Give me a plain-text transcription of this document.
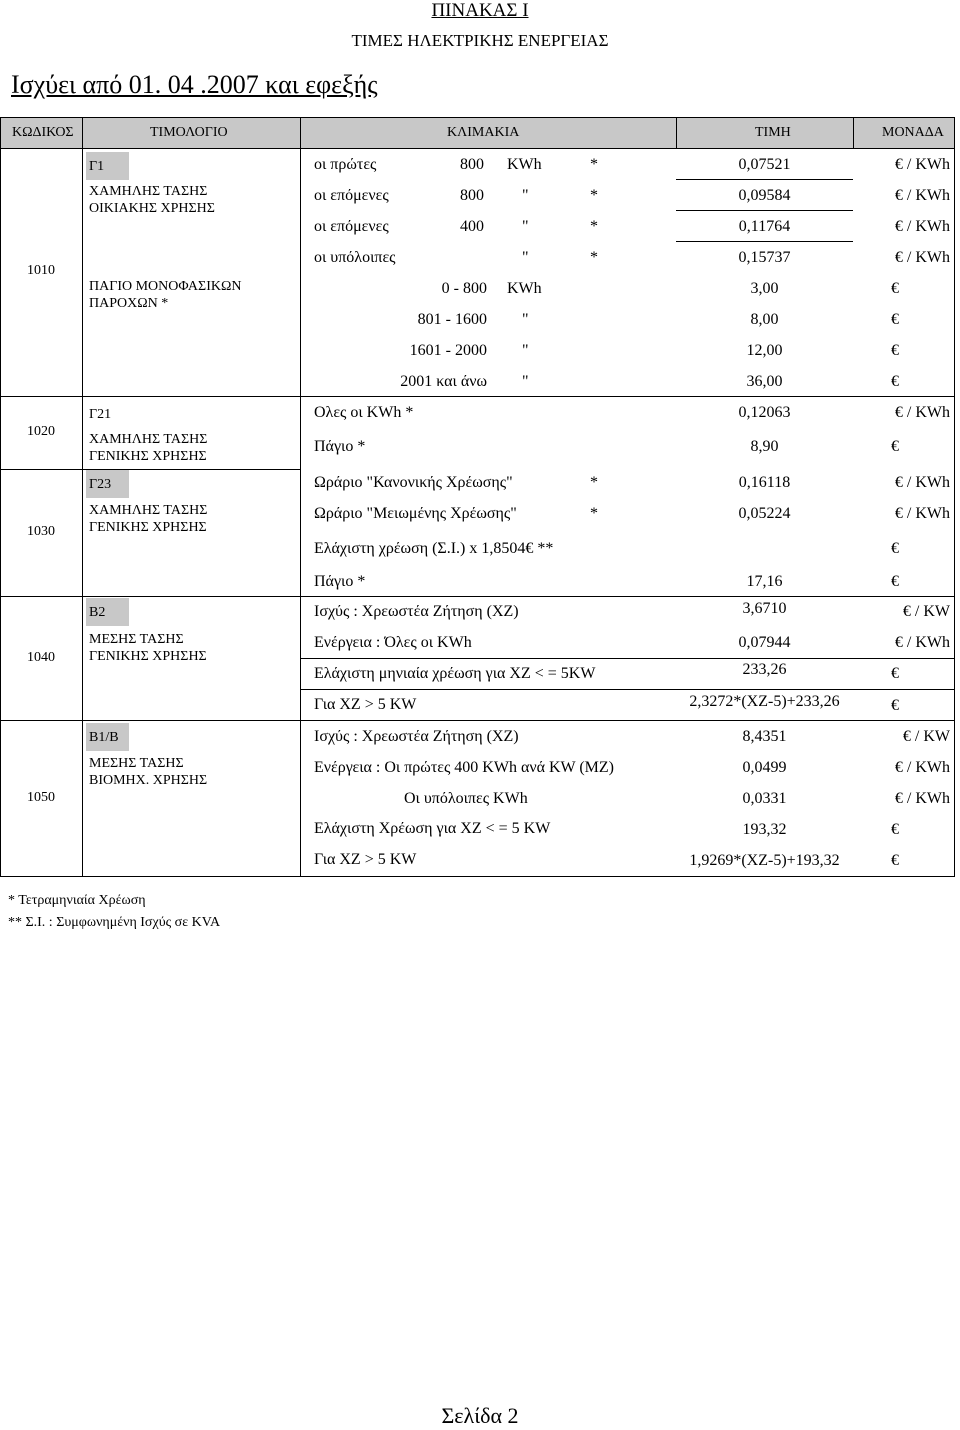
ΠΙΝΑΚΑΣ Ι
ΤΙΜΕΣ ΗΛΕΚΤΡΙΚΗΣ ΕΝΕΡΓΕΙΑΣ
Ισχύει από 01. 04 .2007 και εφεξής
ΚΩΔΙΚΟΣ	ΤΙΜΟΛΟΓΙΟ	ΚΛΙΜΑΚΙΑ	ΤΙΜΗ	ΜΟΝΑΔΑ
1010
Γ1
ΧΑΜΗΛΗΣ ΤΑΣΗΣ
ΟΙΚΙΑΚΗΣ ΧΡΗΣΗΣ
ΠΑΓΙΟ ΜΟΝΟΦΑΣΙΚΩΝ
ΠΑΡΟΧΩΝ *
οι πρώτες	800 KWh	*	0,07521	€ / KWh
οι επόμενες	800 "	*	0,09584	€ / KWh
οι επόμενες	400 "	*	0,11764	€ / KWh
οι υπόλοιπες	"	*	0,15737	€ / KWh
0 - 800 KWh	3,00	€
801 - 1600 "	8,00	€
1601 - 2000 "	12,00	€
2001 και άνω "	36,00	€
1020
Γ21
ΧΑΜΗΛΗΣ ΤΑΣΗΣ
ΓΕΝΙΚΗΣ ΧΡΗΣΗΣ
Ολες οι KWh *	0,12063	€ / KWh
Πάγιο *	8,90	€
1030
Γ23
ΧΑΜΗΛΗΣ ΤΑΣΗΣ
ΓΕΝΙΚΗΣ ΧΡΗΣΗΣ
Ωράριο "Κανονικής Χρέωσης"	*	0,16118	€ / KWh
Ωράριο "Μειωμένης Χρέωσης"	*	0,05224	€ / KWh
Ελάχιστη χρέωση (Σ.Ι.) x 1,8504€ **	€
Πάγιο *	17,16	€
1040
Β2
ΜΕΣΗΣ ΤΑΣΗΣ
ΓΕΝΙΚΗΣ ΧΡΗΣΗΣ
Ισχύς : Χρεωστέα Ζήτηση (ΧΖ)	3,6710	€ / KW
Ενέργεια : Όλες οι KWh	0,07944	€ / KWh
Ελάχιστη μηνιαία χρέωση για ΧΖ < = 5KW	233,26	€
Για ΧΖ > 5 KW	2,3272*(ΧΖ-5)+233,26	€
1050
Β1/Β
ΜΕΣΗΣ ΤΑΣΗΣ
ΒΙΟΜΗΧ. ΧΡΗΣΗΣ
Ισχύς : Χρεωστέα Ζήτηση (ΧΖ)	8,4351	€ / KW
Ενέργεια : Οι πρώτες 400 KWh ανά KW (MZ)	0,0499	€ / KWh
Οι υπόλοιπες KWh	0,0331	€ / KWh
Ελάχιστη Χρέωση για ΧΖ < = 5 KW	193,32	€
Για ΧΖ > 5 KW	1,9269*(ΧΖ-5)+193,32	€
* Τετραμηνιαία Χρέωση
** Σ.Ι. : Συμφωνημένη Ισχύς σε KVA
Σελίδα 2
